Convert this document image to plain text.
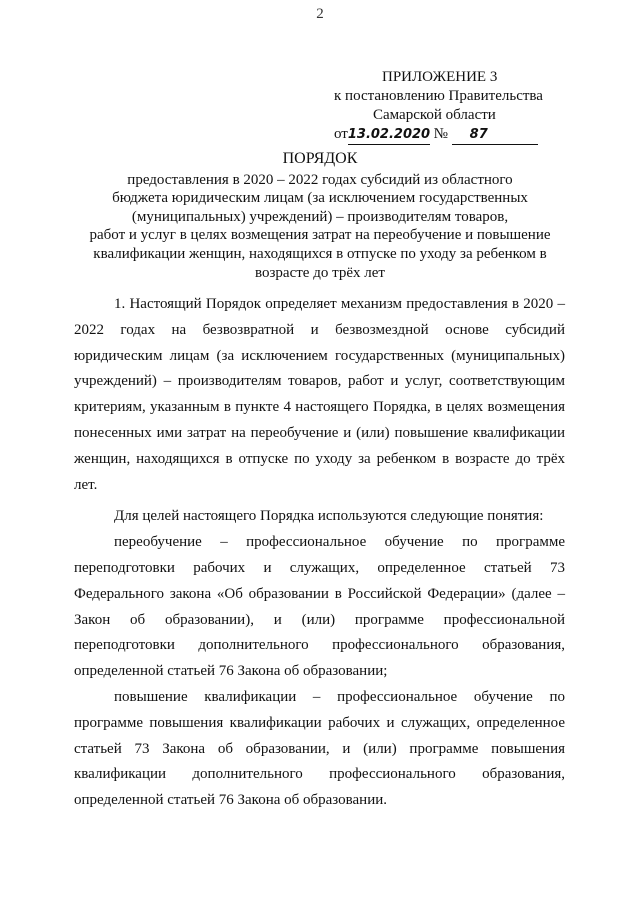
2
ПРИЛОЖЕНИЕ 3
к постановлению Правительства
Самарской области
от13.02.2020 № 87
ПОРЯДОК
предоставления в 2020 – 2022 годах субсидий из областного
бюджета юридическим лицам (за исключением государственных
(муниципальных) учреждений) – производителям товаров,
работ и услуг в целях возмещения затрат на переобучение и повышение
квалификации женщин, находящихся в отпуске по уходу за ребенком в
возрасте до трёх лет

1. Настоящий Порядок определяет механизм предоставления в 2020 – 2022 годах на безвозвратной и безвозмездной основе субсидий юридическим лицам (за исключением государственных (муниципальных) учреждений) – производителям товаров, работ и услуг, соответствующим критериям, указанным в пункте 4 настоящего Порядка, в целях возмещения понесенных ими затрат на переобучение и (или) повышение квалификации женщин, находящихся в отпуске по уходу за ребенком в возрасте до трёх лет.

Для целей настоящего Порядка используются следующие понятия:

переобучение – профессиональное обучение по программе переподготовки рабочих и служащих, определенное статьей 73 Федерального закона «Об образовании в Российской Федерации» (далее – Закон об образовании), и (или) программе профессиональной переподготовки дополнительного профессионального образования, определенной статьей 76 Закона об образовании;

повышение квалификации – профессиональное обучение по программе повышения квалификации рабочих и служащих, определенное статьей 73 Закона об образовании, и (или) программе повышения квалификации дополнительного профессионального образования, определенной статьей 76 Закона об образовании.
